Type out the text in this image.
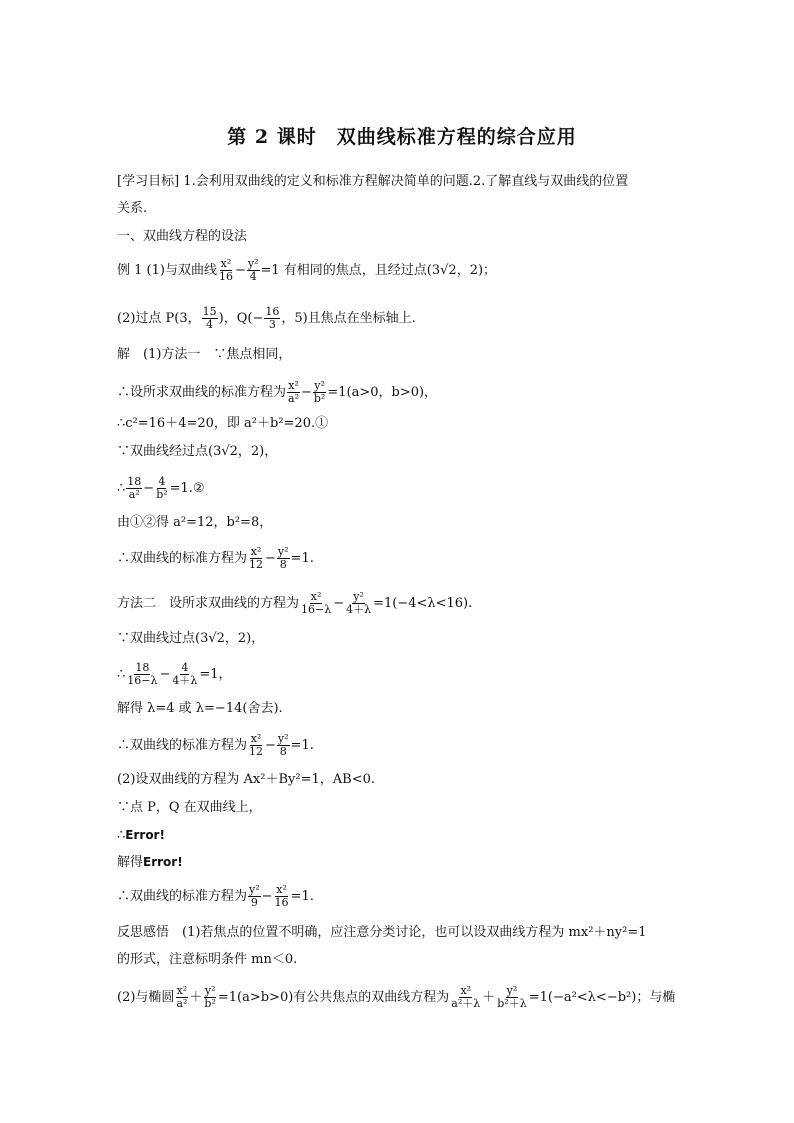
第 2 课时　双曲线标准方程的综合应用
[学习目标] 1.会利用双曲线的定义和标准方程解决简单的问题.2.了解直线与双曲线的位置
关系.
一、双曲线方程的设法
例 1 (1)与双曲线 $\frac{\text{x²}}{16} - \frac{\text{y²}}{4} =1$ 有相同的焦点，且经过点(3√2，2)；
(2)过点 P(3， $\frac{15}{4}$ )，$Q(- \frac{16}{3}$ ，5)且焦点在坐标轴上.
解　(1)方法一　∵焦点相同，
∴设所求双曲线的标准方程为 $\frac{\text{x²}}{\text{a²}} - \frac{\text{y²}}{\text{b²}} =1(a>0$，b>0)，
∴c²=16＋4=20，即 a²＋b²=20.①
∵双曲线经过点(3√2，2)，
∴ $\frac{18}{\text{a²}} - \frac{4}{\text{b²}}$ =1.②
由①②得 a²=12，b²=8，
∴双曲线的标准方程为 $\frac{\text{x²}}{12} - \frac{\text{y²}}{8} =1$.
方法二　设所求双曲线的方程为 $\frac{\text{x²}}{16-\lambda} - \frac{\text{y²}}{4+\lambda} =1(-4<\lambda<16)$.
∵双曲线过点(3√2，2)，
∴ $\frac{18}{16-\lambda} - \frac{4}{4+\lambda} =1$，
解得 λ=4 或 λ=−14(舍去).
∴双曲线的标准方程为 $\frac{\text{x²}}{12} - \frac{\text{y²}}{8} =1$.
(2)设双曲线的方程为 Ax²＋By²=1，AB<0.
∵点 P，Q 在双曲线上，
∴Error!
解得Error!
∴双曲线的标准方程为 $\frac{\text{y²}}{9} - \frac{\text{x²}}{16} =1$.
反思感悟　(1)若焦点的位置不明确，应注意分类讨论，也可以设双曲线方程为 mx²＋ny²=1
的形式，注意标明条件 mn＜0.
(2)与椭圆 $\frac{\text{x²}}{\text{a²}} + \frac{\text{y²}}{\text{b²}} =1(a>b>0)$有公共焦点的双曲线方程为 $\frac{\text{x²}}{\text{a²＋λ}} + \frac{\text{y²}}{\text{b²＋λ}} =1(-a^2<\lambda<-b^2)$；与椭
